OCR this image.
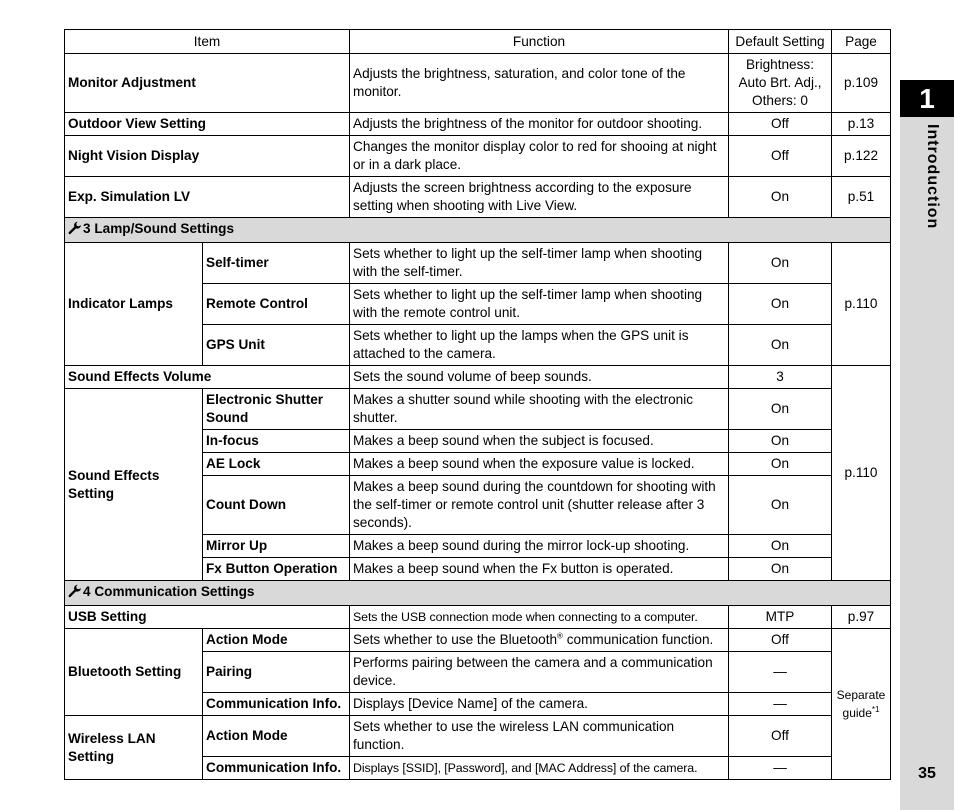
Item		Function	Default Setting	Page
Monitor Adjustment		Adjusts the brightness, saturation, and color tone of the monitor.	Brightness: Auto Brt. Adj., Others: 0	p.109
Outdoor View Setting		Adjusts the brightness of the monitor for outdoor shooting.	Off	p.13
Night Vision Display		Changes the monitor display color to red for shooing at night or in a dark place.	Off	p.122
Exp. Simulation LV		Adjusts the screen brightness according to the exposure setting when shooting with Live View.	On	p.51
3 Lamp/Sound Settings				
Indicator Lamps	Self-timer	Sets whether to light up the self-timer lamp when shooting with the self-timer.	On	p.110
	Remote Control	Sets whether to light up the self-timer lamp when shooting with the remote control unit.	On	
	GPS Unit	Sets whether to light up the lamps when the GPS unit is attached to the camera.	On	
Sound Effects Volume		Sets the sound volume of beep sounds.	3	p.110
Sound Effects Setting	Electronic Shutter Sound	Makes a shutter sound while shooting with the electronic shutter.	On	
	In-focus	Makes a beep sound when the subject is focused.	On	
	AE Lock	Makes a beep sound when the exposure value is locked.	On	
	Count Down	Makes a beep sound during the countdown for shooting with the self-timer or remote control unit (shutter release after 3 seconds).	On	
	Mirror Up	Makes a beep sound during the mirror lock-up shooting.	On	
	Fx Button Operation	Makes a beep sound when the Fx button is operated.	On	
4 Communication Settings				
USB Setting		Sets the USB connection mode when connecting to a computer.	MTP	p.97
Bluetooth Setting	Action Mode	Sets whether to use the Bluetooth® communication function.	Off	Separate guide$^{*1}$
	Pairing	Performs pairing between the camera and a communication device.	—	
	Communication Info.	Displays [Device Name] of the camera.	—	
Wireless LAN Setting	Action Mode	Sets whether to use the wireless LAN communication function.	Off	
	Communication Info.	Displays [SSID], [Password], and [MAC Address] of the camera.	—	
1
Introduction
35
